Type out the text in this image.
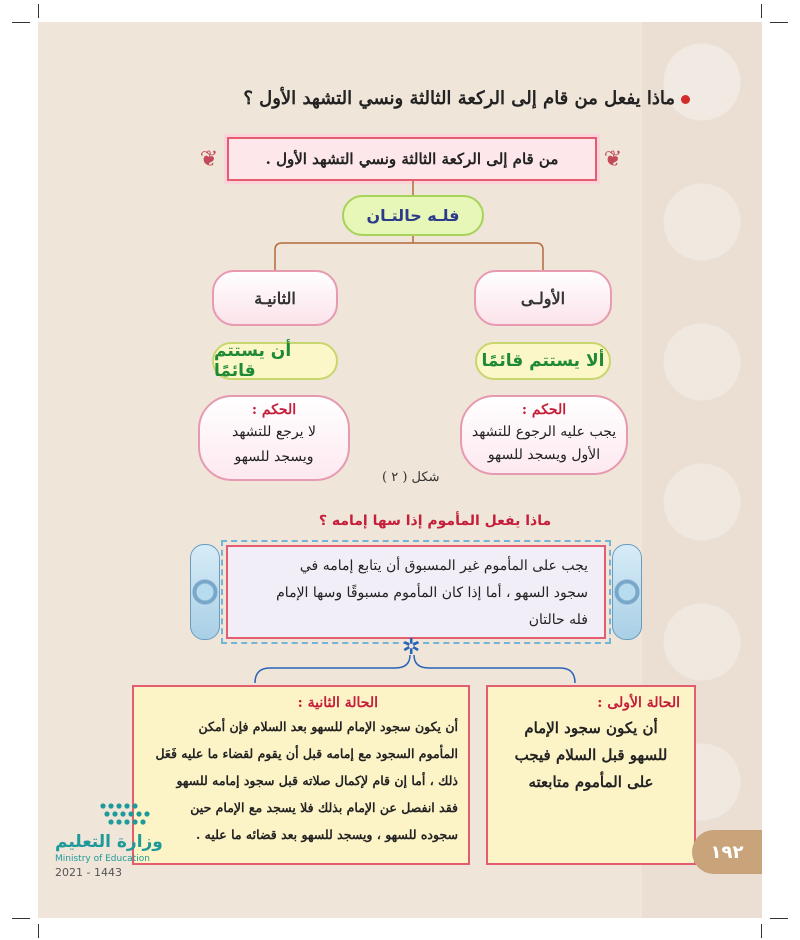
ماذا يفعل من قام إلى الركعة الثالثة ونسي التشهد الأول ؟
❦	من قام إلى الركعة الثالثة ونسي التشهد الأول . ❦
فلـه حالتـان
الأولـى
ألا يستتم قائمًا
الحكم :
يجب عليه الرجوع للتشهد
الأول ويسجد للسهو
الثانيـة
أن يستتم قائمًا
الحكم :
لا يرجع للتشهد
ويسجد للسهو
شكل ( ٢ )
ماذا يفعل المأموم إذا سها إمامه ؟
يجب على المأموم غير المسبوق أن يتابع إمامه في
سجود السهو ، أما إذا كان المأموم مسبوقًا وسها الإمام
فله حالتان
✲
الحالة الأولى :
أن يكون سجود الإمام
للسهو قبل السلام فيجب
على المأموم متابعته
الحالة الثانية :
أن يكون سجود الإمام للسهو بعد السلام فإن أمكن
المأموم السجود مع إمامه قبل أن يقوم لقضاء ما عليه فَعَل
ذلك ، أما إن قام لإكمال صلاته قبل سجود إمامه للسهو
فقد انفصل عن الإمام بذلك فلا يسجد مع الإمام حين
سجوده للسهو ، ويسجد للسهو بعد قضائه ما عليه .
١٩٢
وزارة التعليم
Ministry of Education
2021 - 1443
